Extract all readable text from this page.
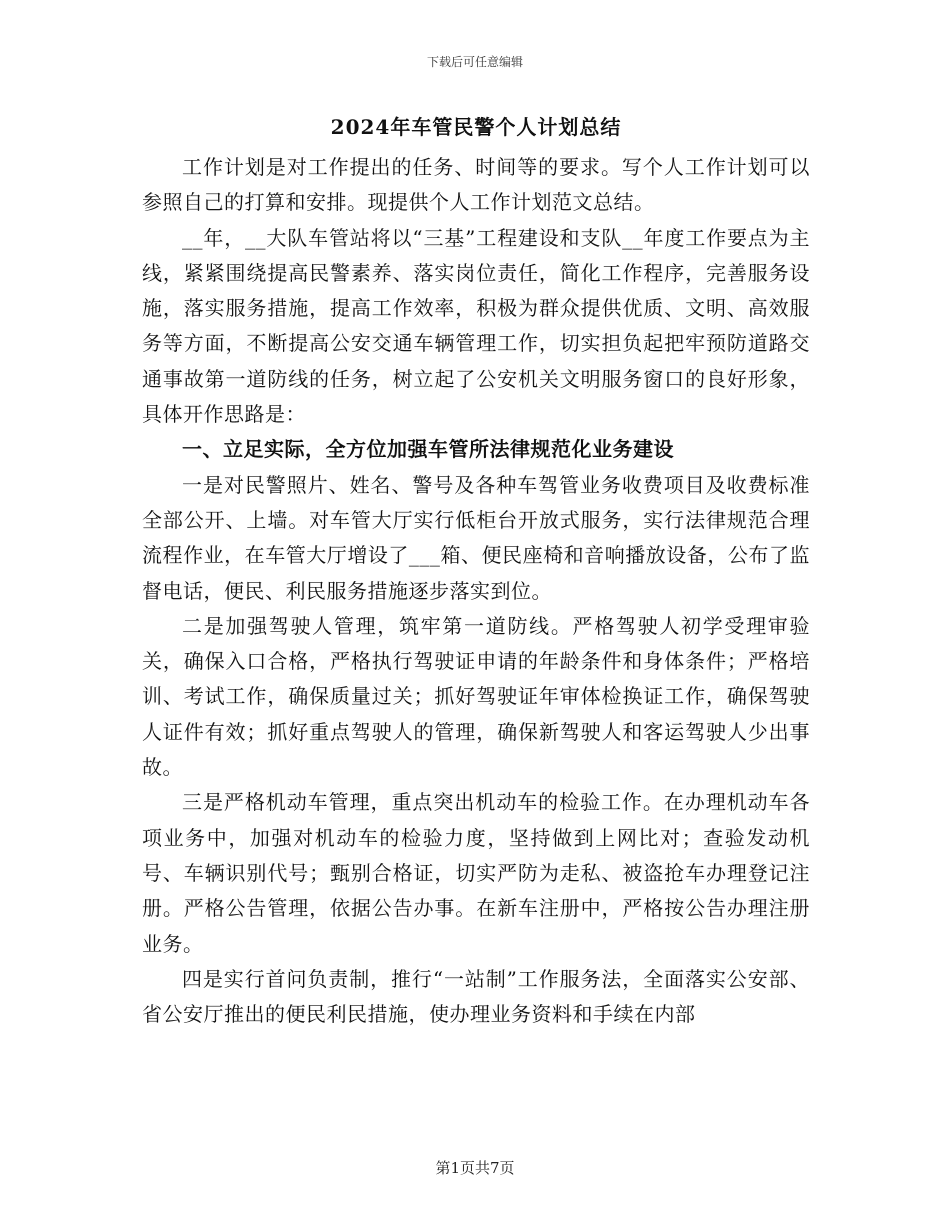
下载后可任意编辑
2024年车管民警个人计划总结

工作计划是对工作提出的任务、时间等的要求。写个人工作计划可以参照自己的打算和安排。现提供个人工作计划范文总结。

__年，__大队车管站将以“三基”工程建设和支队__年度工作要点为主线，紧紧围绕提高民警素养、落实岗位责任，简化工作程序，完善服务设施，落实服务措施，提高工作效率，积极为群众提供优质、文明、高效服务等方面，不断提高公安交通车辆管理工作，切实担负起把牢预防道路交通事故第一道防线的任务，树立起了公安机关文明服务窗口的良好形象，具体开作思路是：

一、立足实际，全方位加强车管所法律规范化业务建设

一是对民警照片、姓名、警号及各种车驾管业务收费项目及收费标准全部公开、上墙。对车管大厅实行低柜台开放式服务，实行法律规范合理流程作业，在车管大厅增设了___箱、便民座椅和音响播放设备，公布了监督电话，便民、利民服务措施逐步落实到位。

二是加强驾驶人管理，筑牢第一道防线。严格驾驶人初学受理审验关，确保入口合格，严格执行驾驶证申请的年龄条件和身体条件；严格培训、考试工作，确保质量过关；抓好驾驶证年审体检换证工作，确保驾驶人证件有效；抓好重点驾驶人的管理，确保新驾驶人和客运驾驶人少出事故。

三是严格机动车管理，重点突出机动车的检验工作。在办理机动车各项业务中，加强对机动车的检验力度，坚持做到上网比对；查验发动机号、车辆识别代号；甄别合格证，切实严防为走私、被盗抢车办理登记注册。严格公告管理，依据公告办事。在新车注册中，严格按公告办理注册业务。

四是实行首问负责制，推行“一站制”工作服务法，全面落实公安部、省公安厅推出的便民利民措施，使办理业务资料和手续在内部

第1页共7页
